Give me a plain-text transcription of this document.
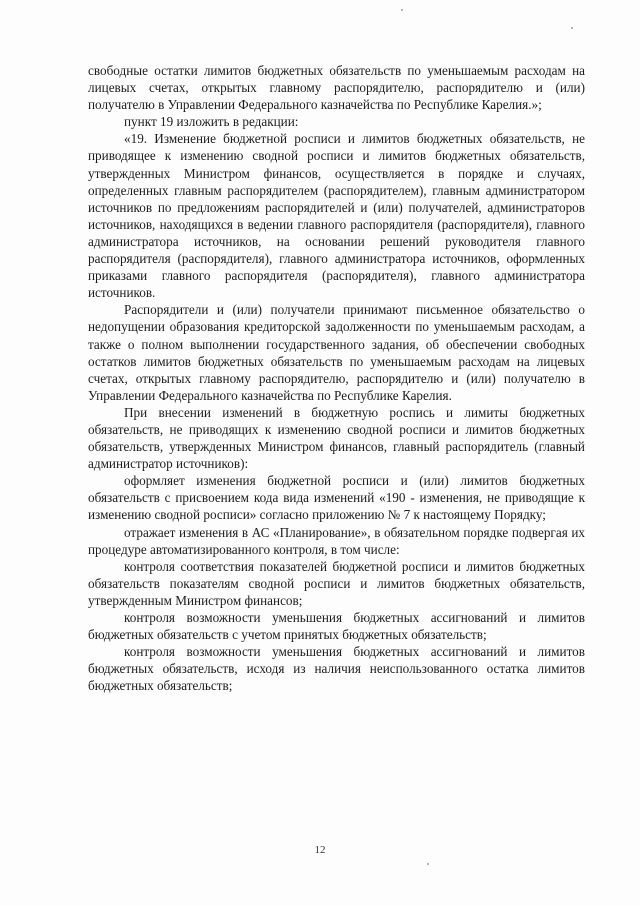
свободные остатки лимитов бюджетных обязательств по уменьшаемым расходам на лицевых счетах, открытых главному распорядителю, распорядителю и (или) получателю в Управлении Федерального казначейства по Республике Карелия.»;

пункт 19 изложить в редакции:

«19. Изменение бюджетной росписи и лимитов бюджетных обязательств, не приводящее к изменению сводной росписи и лимитов бюджетных обязательств, утвержденных Министром финансов, осуществляется в порядке и случаях, определенных главным распорядителем (распорядителем), главным администратором источников по предложениям распорядителей и (или) получателей, администраторов источников, находящихся в ведении главного распорядителя (распорядителя), главного администратора источников, на основании решений руководителя главного распорядителя (распорядителя), главного администратора источников, оформленных приказами главного распорядителя (распорядителя), главного администратора источников.

Распорядители и (или) получатели принимают письменное обязательство о недопущении образования кредиторской задолженности по уменьшаемым расходам, а также о полном выполнении государственного задания, об обеспечении свободных остатков лимитов бюджетных обязательств по уменьшаемым расходам на лицевых счетах, открытых главному распорядителю, распорядителю и (или) получателю в Управлении Федерального казначейства по Республике Карелия.

При внесении изменений в бюджетную роспись и лимиты бюджетных обязательств, не приводящих к изменению сводной росписи и лимитов бюджетных обязательств, утвержденных Министром финансов, главный распорядитель (главный администратор источников):

оформляет изменения бюджетной росписи и (или) лимитов бюджетных обязательств с присвоением кода вида изменений «190 - изменения, не приводящие к изменению сводной росписи» согласно приложению № 7 к настоящему Порядку;

отражает изменения в АС «Планирование», в обязательном порядке подвергая их процедуре автоматизированного контроля, в том числе:

контроля соответствия показателей бюджетной росписи и лимитов бюджетных обязательств показателям сводной росписи и лимитов бюджетных обязательств, утвержденным Министром финансов;

контроля возможности уменьшения бюджетных ассигнований и лимитов бюджетных обязательств с учетом принятых бюджетных обязательств;

контроля возможности уменьшения бюджетных ассигнований и лимитов бюджетных обязательств, исходя из наличия неиспользованного остатка лимитов бюджетных обязательств;

12
